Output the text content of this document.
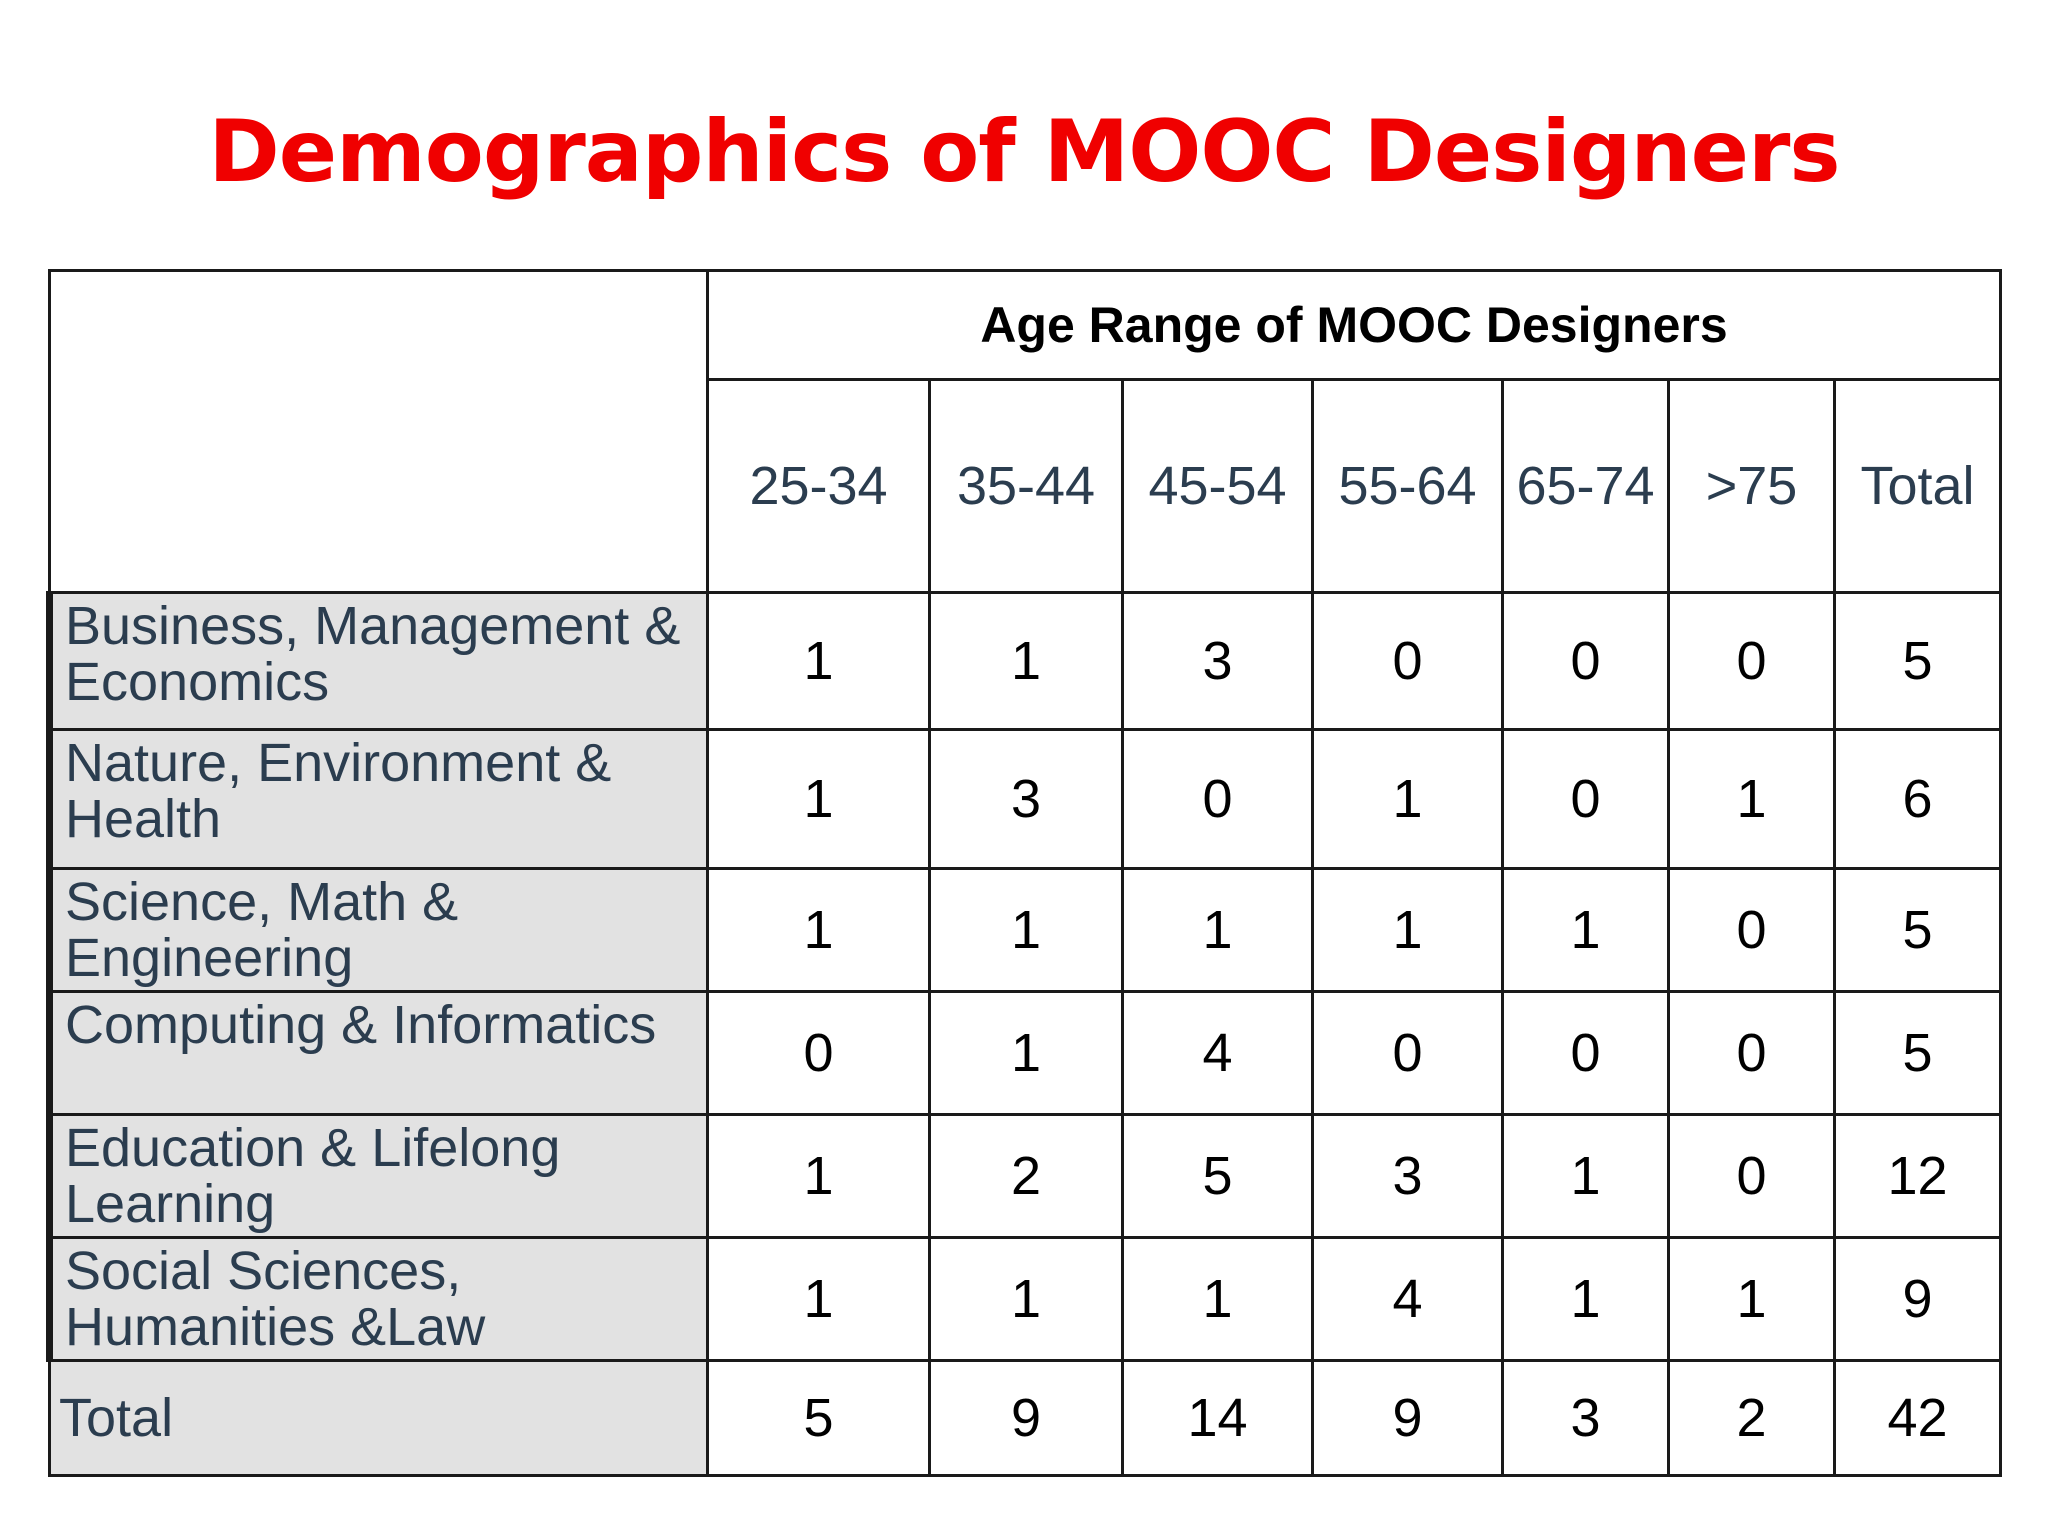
Demographics of MOOC Designers
	Age Range of MOOC Designers						
	25-34	35-44	45-54	55-64	65-74	>75	Total
Business, Management & Economics	1	1	3	0	0	0	5
Nature, Environment & Health	1	3	0	1	0	1	6
Science, Math & Engineering	1	1	1	1	1	0	5
Computing & Informatics	0	1	4	0	0	0	5
Education & Lifelong Learning	1	2	5	3	1	0	12
Social Sciences, Humanities &Law	1	1	1	4	1	1	9
Total	5	9	14	9	3	2	42
